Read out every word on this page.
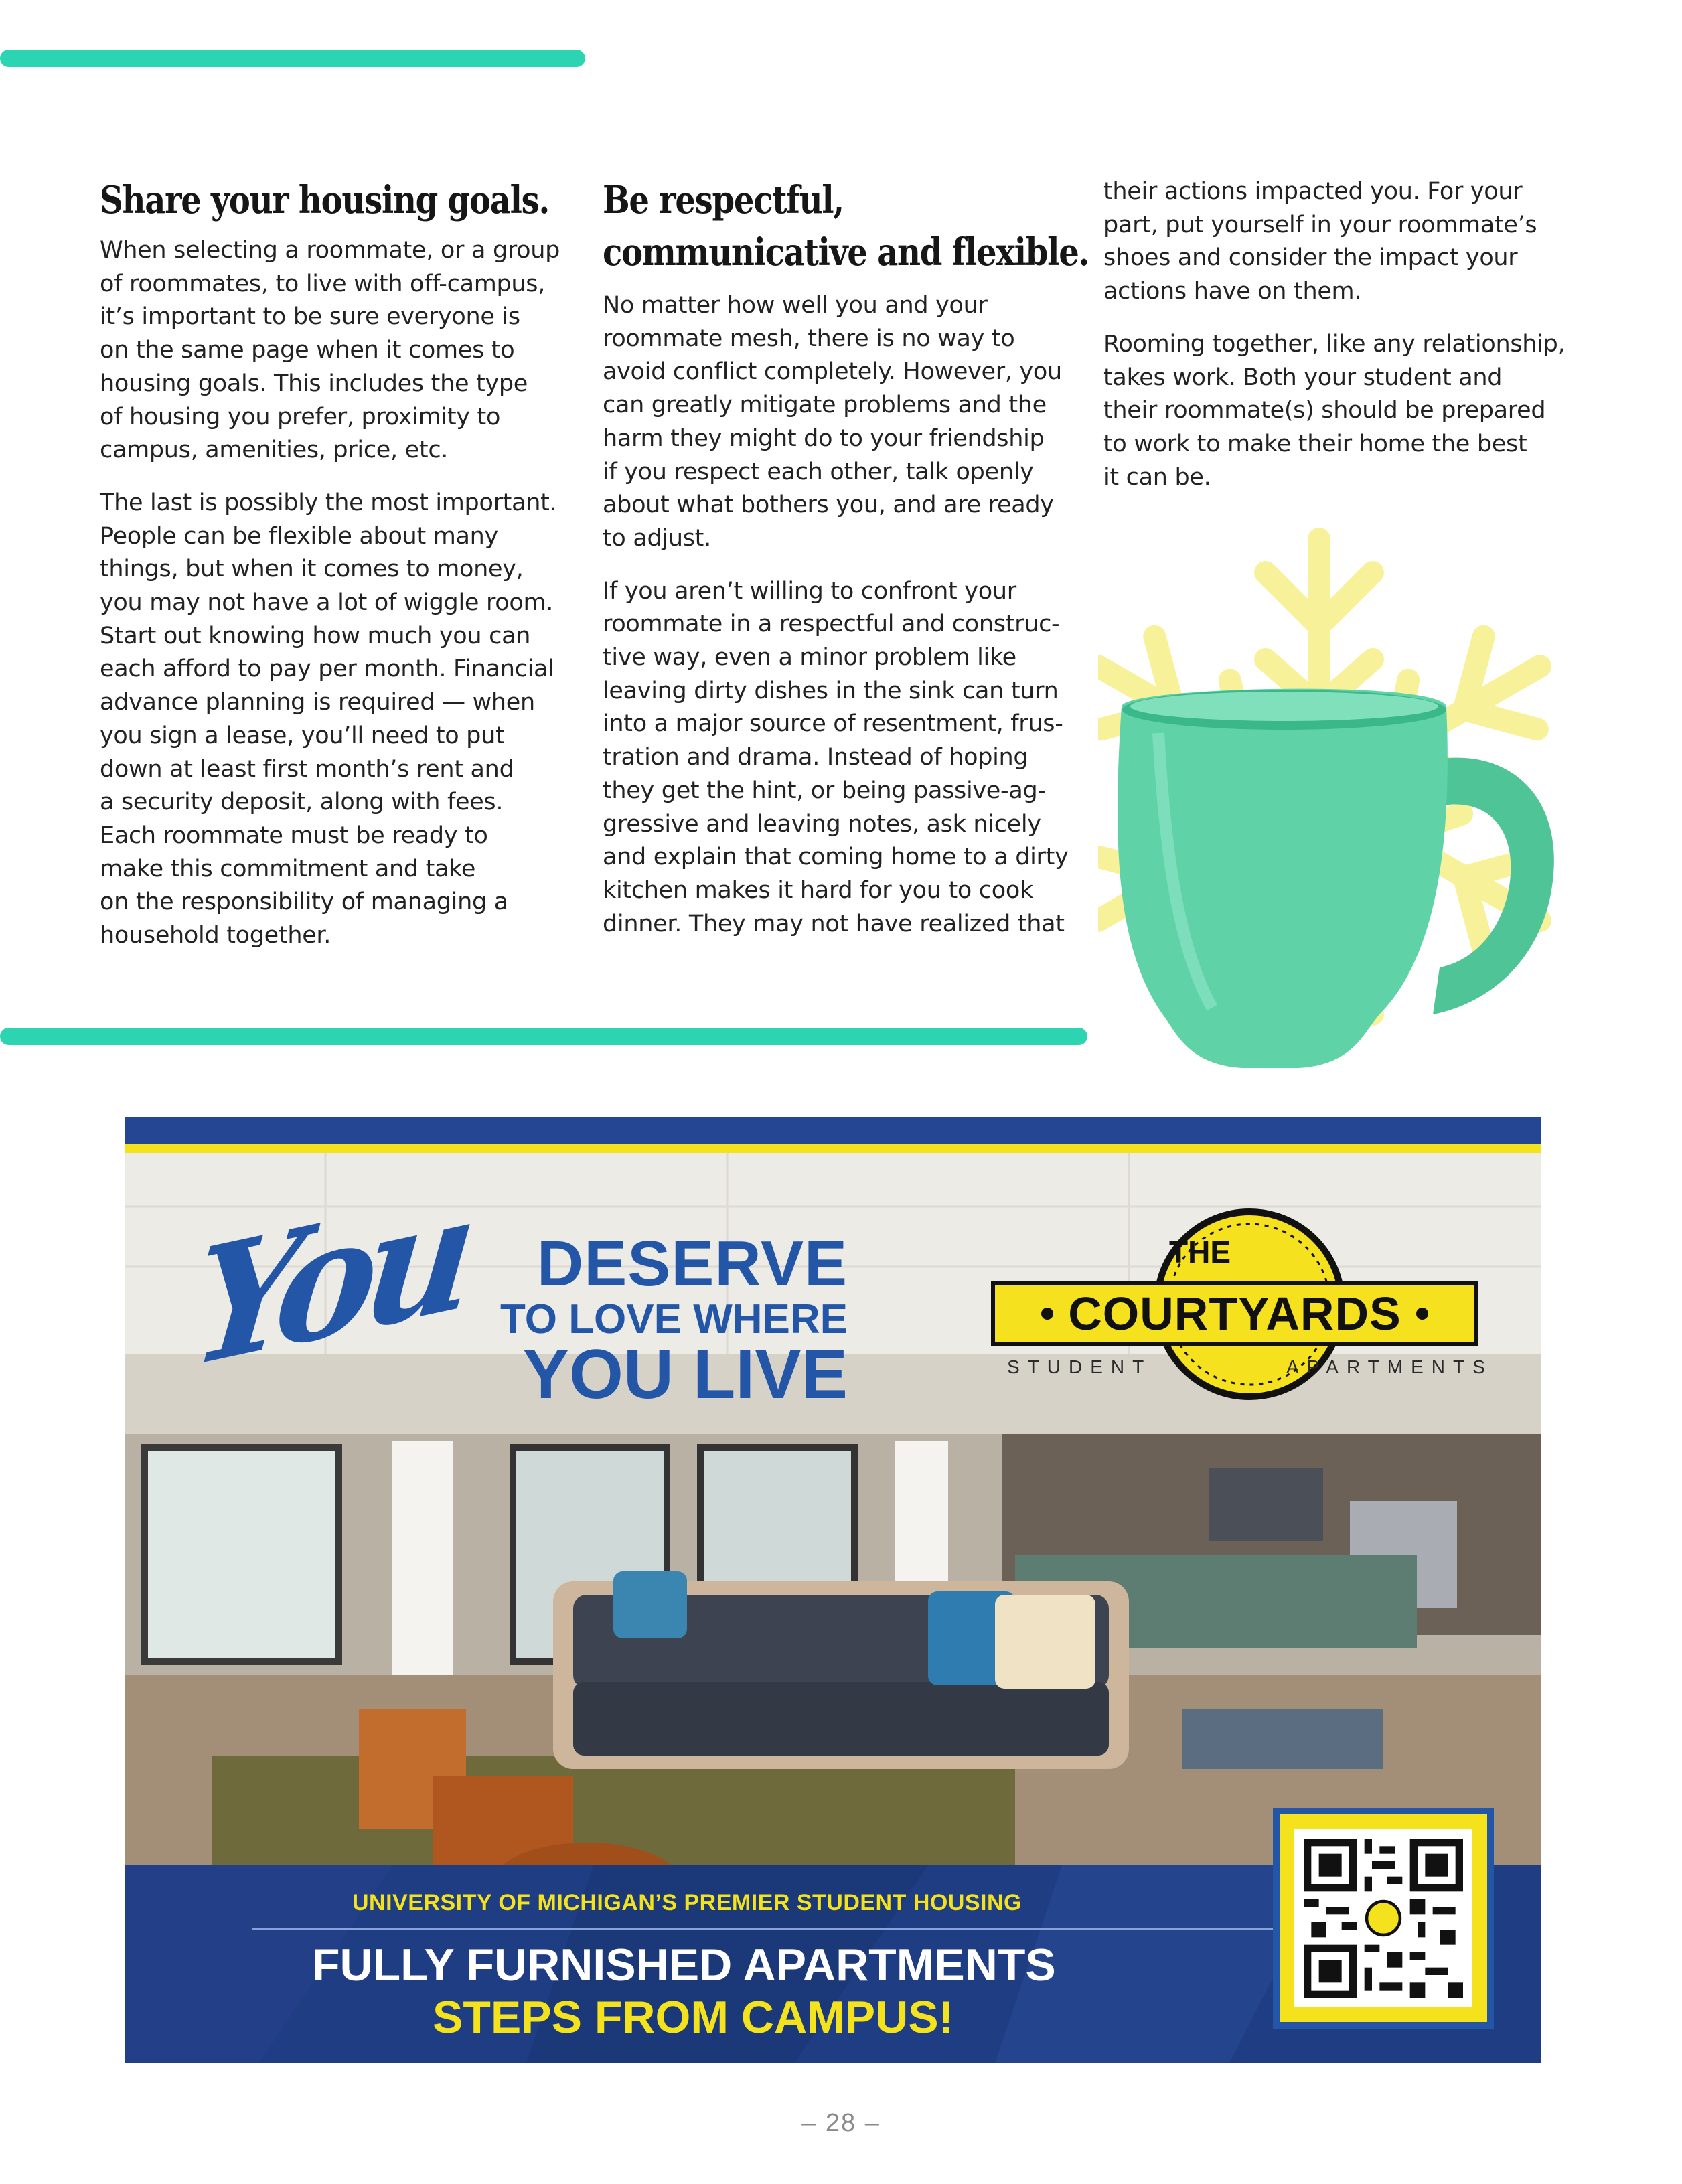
Share your housing goals.

When selecting a roommate, or a group
of roommates, to live with off-campus,
it’s important to be sure everyone is
on the same page when it comes to
housing goals. This includes the type
of housing you prefer, proximity to
campus, amenities, price, etc.

The last is possibly the most important.
People can be flexible about many
things, but when it comes to money,
you may not have a lot of wiggle room.
Start out knowing how much you can
each afford to pay per month. Financial
advance planning is required — when
you sign a lease, you’ll need to put
down at least first month’s rent and
a security deposit, along with fees.
Each roommate must be ready to
make this commitment and take
on the responsibility of managing a
household together.

Be respectful,
communicative and flexible.

No matter how well you and your
roommate mesh, there is no way to
avoid conflict completely. However, you
can greatly mitigate problems and the
harm they might do to your friendship
if you respect each other, talk openly
about what bothers you, and are ready
to adjust.

If you aren’t willing to confront your
roommate in a respectful and construc-
tive way, even a minor problem like
leaving dirty dishes in the sink can turn
into a major source of resentment, frus-
tration and drama. Instead of hoping
they get the hint, or being passive-ag-
gressive and leaving notes, ask nicely
and explain that coming home to a dirty
kitchen makes it hard for you to cook
dinner. They may not have realized that

their actions impacted you. For your
part, put yourself in your roommate’s
shoes and consider the impact your
actions have on them.

Rooming together, like any relationship,
takes work. Both your student and
their roommate(s) should be prepared
to work to make their home the best
it can be.

You DESERVE
TO LOVE WHERE
YOU LIVE
THE
COURTYARDS
STUDENT	APARTMENTS
UNIVERSITY OF MICHIGAN’S PREMIER STUDENT HOUSING
FULLY FURNISHED APARTMENTS
STEPS FROM CAMPUS!
– 28 –
